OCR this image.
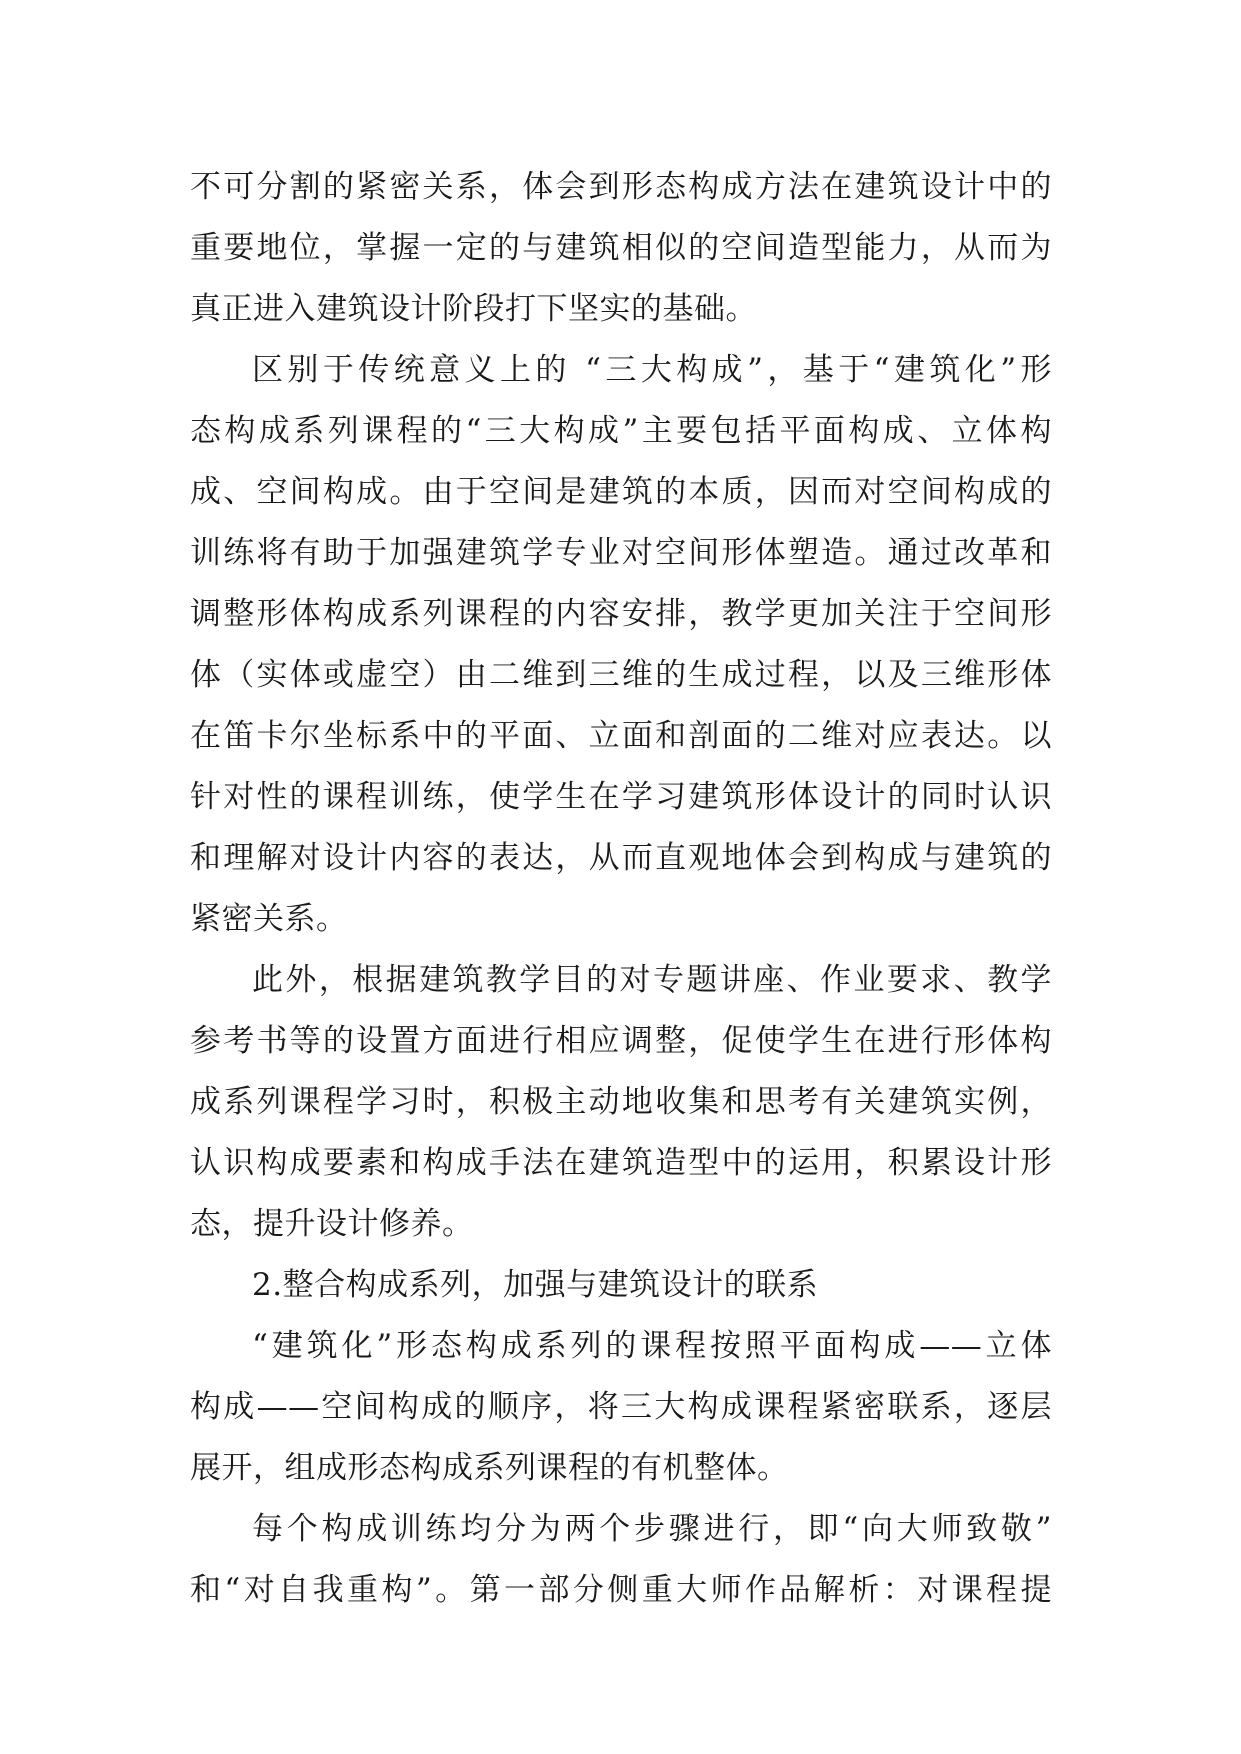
不可分割的紧密关系，体会到形态构成方法在建筑设计中的
重要地位，掌握一定的与建筑相似的空间造型能力，从而为
真正进入建筑设计阶段打下坚实的基础。
区别于传统意义上的 “三大构成”，基于“建筑化”形
态构成系列课程的“三大构成”主要包括平面构成、立体构
成、空间构成。由于空间是建筑的本质，因而对空间构成的
训练将有助于加强建筑学专业对空间形体塑造。通过改革和
调整形体构成系列课程的内容安排，教学更加关注于空间形
体（实体或虚空）由二维到三维的生成过程，以及三维形体
在笛卡尔坐标系中的平面、立面和剖面的二维对应表达。以
针对性的课程训练，使学生在学习建筑形体设计的同时认识
和理解对设计内容的表达，从而直观地体会到构成与建筑的
紧密关系。
此外，根据建筑教学目的对专题讲座、作业要求、教学
参考书等的设置方面进行相应调整，促使学生在进行形体构
成系列课程学习时，积极主动地收集和思考有关建筑实例，
认识构成要素和构成手法在建筑造型中的运用，积累设计形
态，提升设计修养。
2.整合构成系列，加强与建筑设计的联系
“建筑化”形态构成系列的课程按照平面构成——立体
构成——空间构成的顺序，将三大构成课程紧密联系，逐层
展开，组成形态构成系列课程的有机整体。
每个构成训练均分为两个步骤进行，即“向大师致敬”
和“对自我重构”。第一部分侧重大师作品解析：对课程提
